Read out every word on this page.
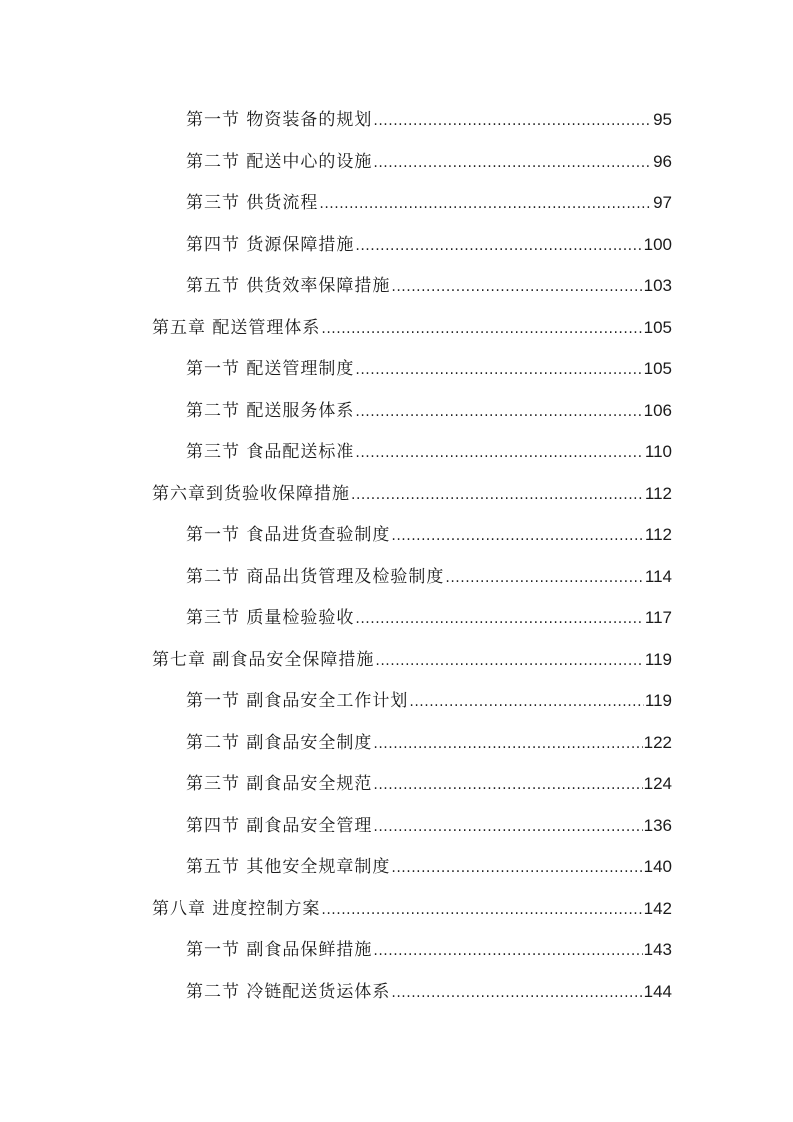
第一节 物资装备的规划 .....	95
第二节 配送中心的设施 .....	96
第三节 供货流程 .....	97
第四节 货源保障措施 .....	100
第五节 供货效率保障措施 .....	103
第五章 配送管理体系 .....	105
第一节 配送管理制度 .....	105
第二节 配送服务体系 .....	106
第三节 食品配送标准 .....	110
第六章到货验收保障措施 .....	112
第一节 食品进货查验制度 .....	112
第二节 商品出货管理及检验制度 .....	114
第三节 质量检验验收 .....	117
第七章 副食品安全保障措施 .....	119
第一节 副食品安全工作计划 .....	119
第二节 副食品安全制度 .....	122
第三节 副食品安全规范 .....	124
第四节 副食品安全管理 .....	136
第五节 其他安全规章制度 .....	140
第八章 进度控制方案 .....	142
第一节 副食品保鲜措施 .....	143
第二节 冷链配送货运体系 .....	144
